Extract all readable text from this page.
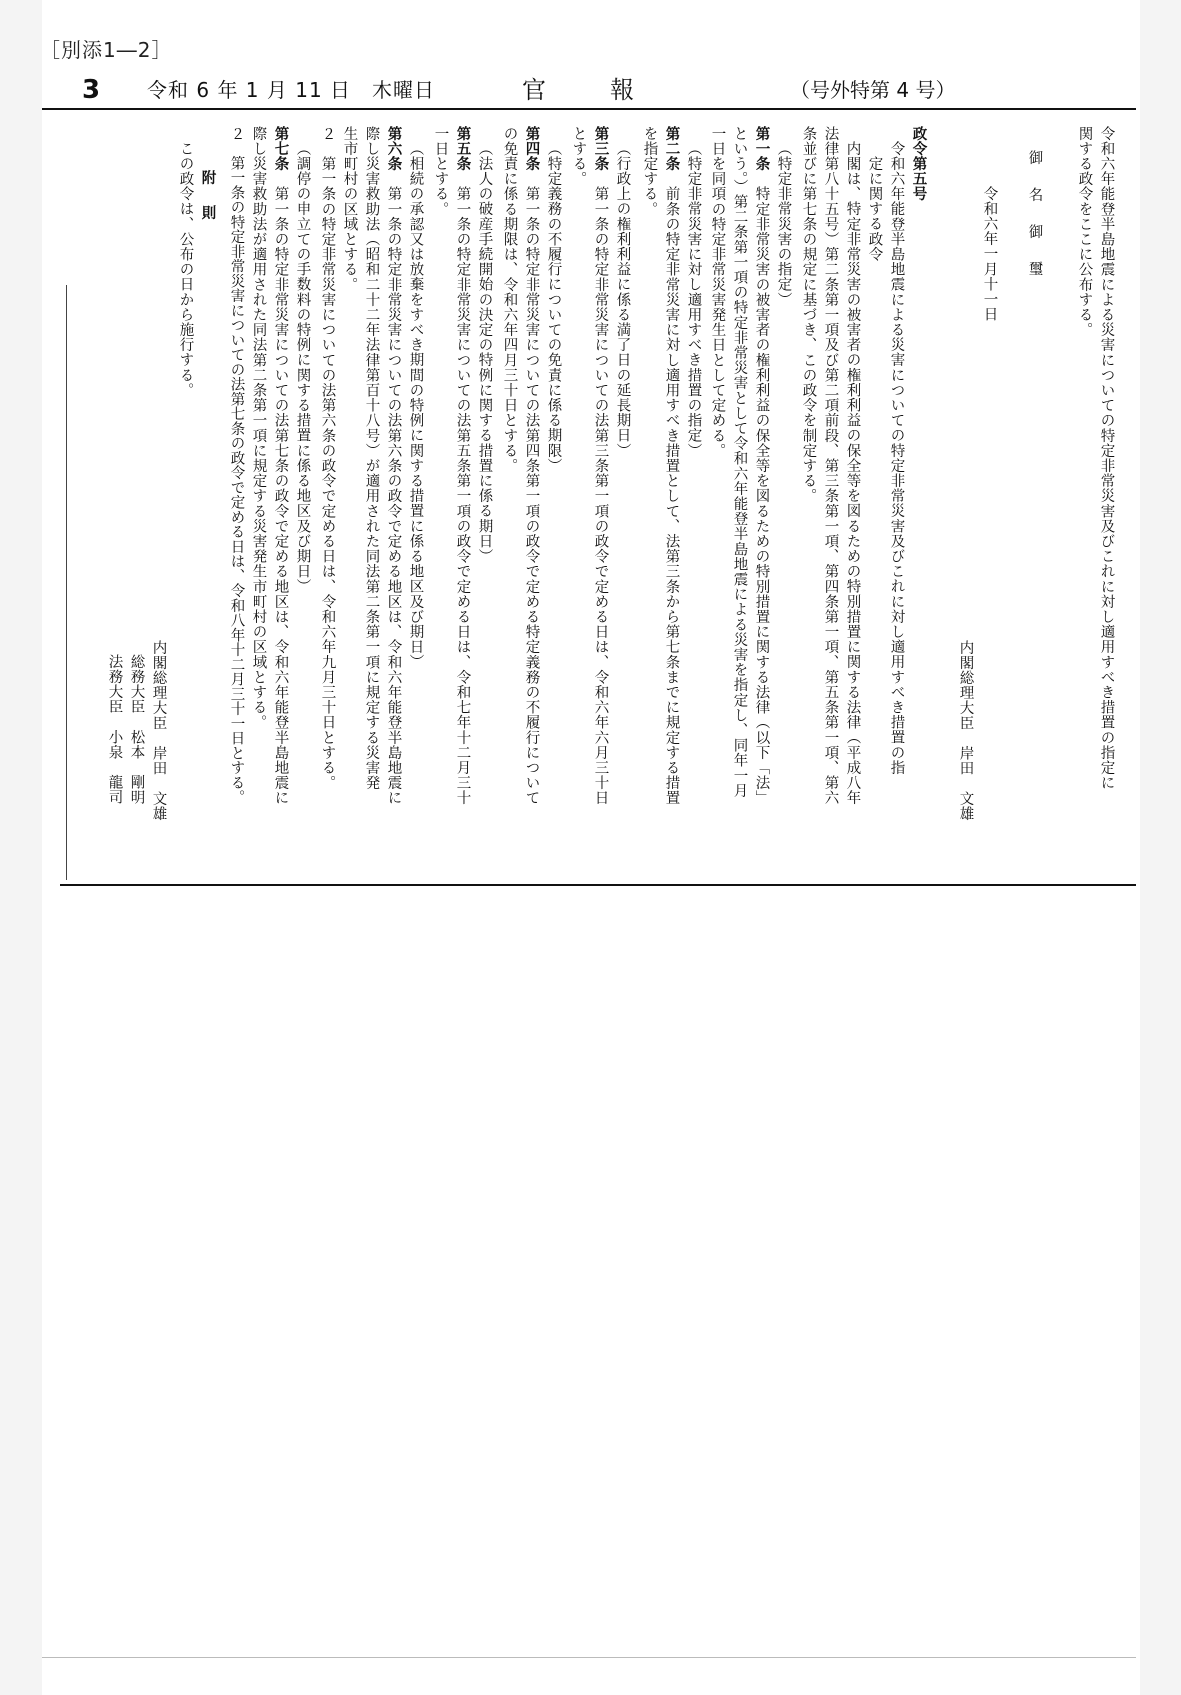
［別添1―2］
3 令和 6 年 1 月 11 日　木曜日	官報	（号外特第 4 号）
令和六年能登半島地震による災害についての特定非常災害及びこれに対し適用すべき措置の指定に
関する政令をここに公布する。
御　名　御　璽
令和六年一月十一日
内閣総理大臣　岸田　文雄
政令第五号
令和六年能登半島地震による災害についての特定非常災害及びこれに対し適用すべき措置の指
定に関する政令
内閣は、特定非常災害の被害者の権利利益の保全等を図るための特別措置に関する法律（平成八年
法律第八十五号）第二条第一項及び第二項前段、第三条第一項、第四条第一項、第五条第一項、第六
条並びに第七条の規定に基づき、この政令を制定する。
（特定非常災害の指定）
第一条　特定非常災害の被害者の権利利益の保全等を図るための特別措置に関する法律（以下「法」
という。）第二条第一項の特定非常災害として令和六年能登半島地震による災害を指定し、同年一月
一日を同項の特定非常災害発生日として定める。
（特定非常災害に対し適用すべき措置の指定）
第二条　前条の特定非常災害に対し適用すべき措置として、法第三条から第七条までに規定する措置
を指定する。
（行政上の権利利益に係る満了日の延長期日）
第三条　第一条の特定非常災害についての法第三条第一項の政令で定める日は、令和六年六月三十日
とする。
（特定義務の不履行についての免責に係る期限）
第四条　第一条の特定非常災害についての法第四条第一項の政令で定める特定義務の不履行について
の免責に係る期限は、令和六年四月三十日とする。
（法人の破産手続開始の決定の特例に関する措置に係る期日）
第五条　第一条の特定非常災害についての法第五条第一項の政令で定める日は、令和七年十二月三十
一日とする。
（相続の承認又は放棄をすべき期間の特例に関する措置に係る地区及び期日）
第六条　第一条の特定非常災害についての法第六条の政令で定める地区は、令和六年能登半島地震に
際し災害救助法（昭和二十二年法律第百十八号）が適用された同法第二条第一項に規定する災害発
生市町村の区域とする。
２　第一条の特定非常災害についての法第六条の政令で定める日は、令和六年九月三十日とする。
（調停の申立ての手数料の特例に関する措置に係る地区及び期日）
第七条　第一条の特定非常災害についての法第七条の政令で定める地区は、令和六年能登半島地震に
際し災害救助法が適用された同法第二条第一項に規定する災害発生市町村の区域とする。
２　第一条の特定非常災害についての法第七条の政令で定める日は、令和八年十二月三十一日とする。
附　則
この政令は、公布の日から施行する。
内閣総理大臣　岸田　文雄
総務大臣　松本　剛明
法務大臣　小泉　龍司
